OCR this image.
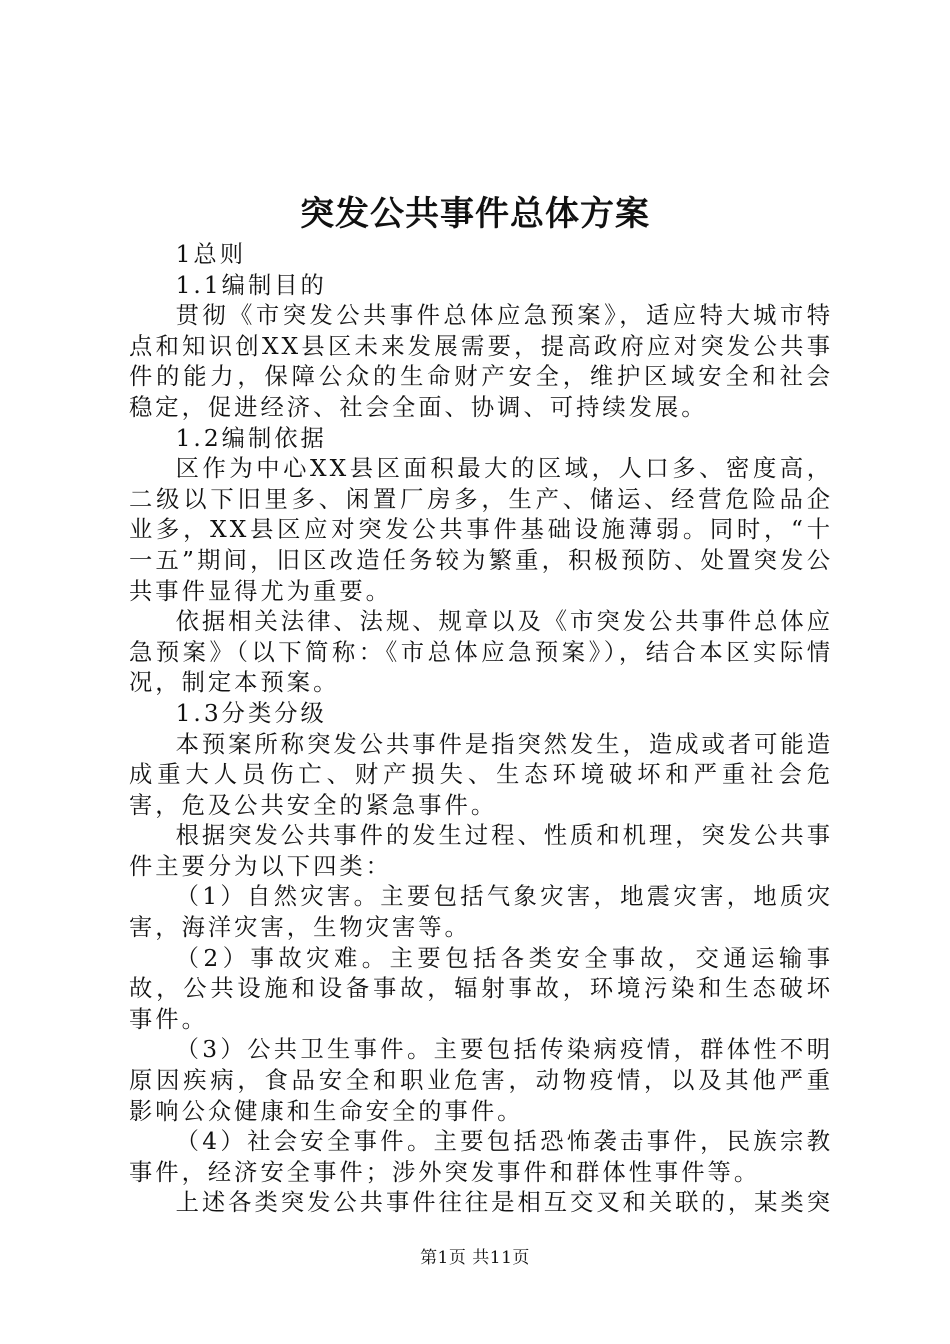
突发公共事件总体方案

1总则

1.1编制目的

贯彻《市突发公共事件总体应急预案》，适应特大城市特点和知识创XX县区未来发展需要，提高政府应对突发公共事件的能力，保障公众的生命财产安全，维护区域安全和社会稳定，促进经济、社会全面、协调、可持续发展。

1.2编制依据

区作为中心XX县区面积最大的区域，人口多、密度高，二级以下旧里多、闲置厂房多，生产、储运、经营危险品企业多，XX县区应对突发公共事件基础设施薄弱。同时，“十一五”期间，旧区改造任务较为繁重，积极预防、处置突发公共事件显得尤为重要。

依据相关法律、法规、规章以及《市突发公共事件总体应急预案》（以下简称：《市总体应急预案》），结合本区实际情况，制定本预案。

1.3分类分级

本预案所称突发公共事件是指突然发生，造成或者可能造成重大人员伤亡、财产损失、生态环境破坏和严重社会危害，危及公共安全的紧急事件。

根据突发公共事件的发生过程、性质和机理，突发公共事件主要分为以下四类：

（1）自然灾害。主要包括气象灾害，地震灾害，地质灾害，海洋灾害，生物灾害等。

（2）事故灾难。主要包括各类安全事故，交通运输事故，公共设施和设备事故，辐射事故，环境污染和生态破坏事件。

（3）公共卫生事件。主要包括传染病疫情，群体性不明原因疾病，食品安全和职业危害，动物疫情，以及其他严重影响公众健康和生命安全的事件。

（4）社会安全事件。主要包括恐怖袭击事件，民族宗教事件，经济安全事件；涉外突发事件和群体性事件等。

上述各类突发公共事件往往是相互交叉和关联的，某类突

第1页 共11页
